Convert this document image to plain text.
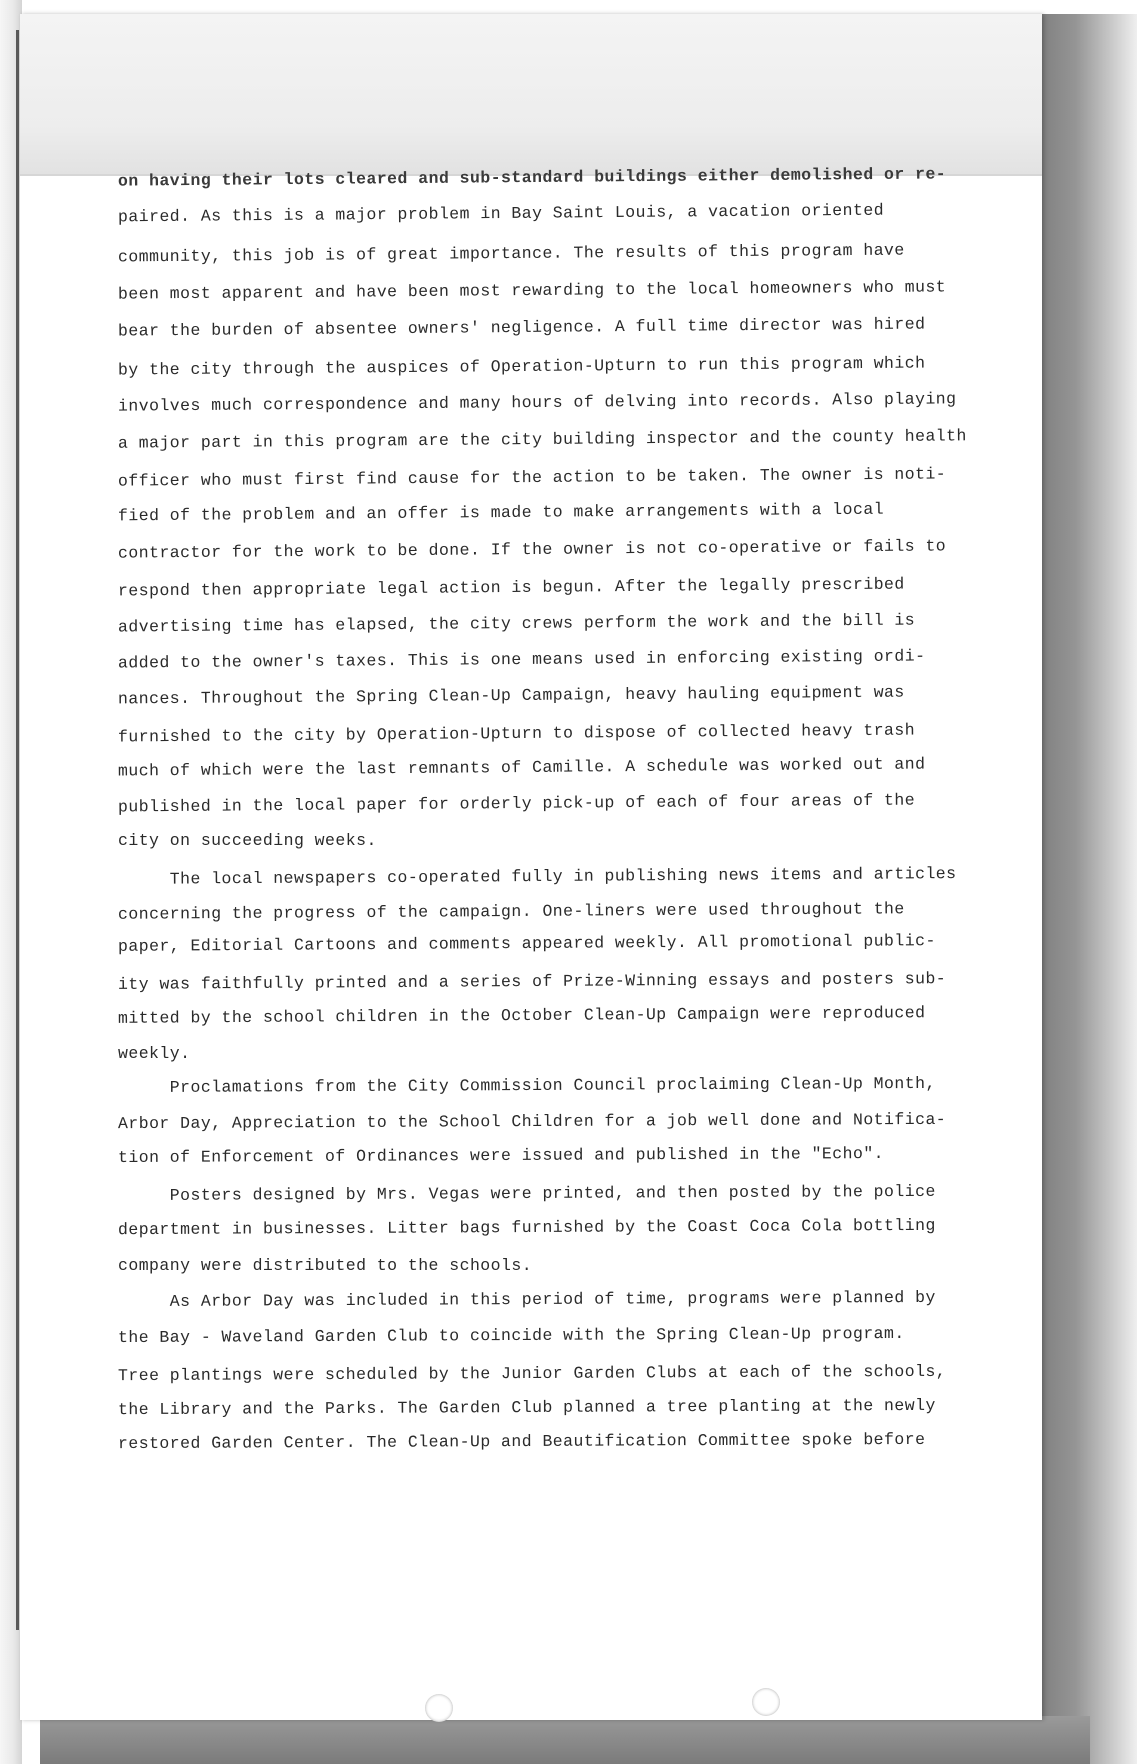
on having their lots cleared and sub-standard buildings either demolished or re-
paired. As this is a major problem in Bay Saint Louis, a vacation oriented
community, this job is of great importance. The results of this program have
been most apparent and have been most rewarding to the local homeowners who must
bear the burden of absentee owners' negligence. A full time director was hired
by the city through the auspices of Operation-Upturn to run this program which
involves much correspondence and many hours of delving into records. Also playing
a major part in this program are the city building inspector and the county health
officer who must first find cause for the action to be taken. The owner is noti-
fied of the problem and an offer is made to make arrangements with a local
contractor for the work to be done. If the owner is not co-operative or fails to
respond then appropriate legal action is begun. After the legally prescribed
advertising time has elapsed, the city crews perform the work and the bill is
added to the owner's taxes. This is one means used in enforcing existing ordi-
nances. Throughout the Spring Clean-Up Campaign, heavy hauling equipment was
furnished to the city by Operation-Upturn to dispose of collected heavy trash
much of which were the last remnants of Camille. A schedule was worked out and
published in the local paper for orderly pick-up of each of four areas of the
city on succeeding weeks.
The local newspapers co-operated fully in publishing news items and articles
concerning the progress of the campaign. One-liners were used throughout the
paper, Editorial Cartoons and comments appeared weekly. All promotional public-
ity was faithfully printed and a series of Prize-Winning essays and posters sub-
mitted by the school children in the October Clean-Up Campaign were reproduced
weekly.
Proclamations from the City Commission Council proclaiming Clean-Up Month,
Arbor Day, Appreciation to the School Children for a job well done and Notifica-
tion of Enforcement of Ordinances were issued and published in the "Echo".
Posters designed by Mrs. Vegas were printed, and then posted by the police
department in businesses. Litter bags furnished by the Coast Coca Cola bottling
company were distributed to the schools.
As Arbor Day was included in this period of time, programs were planned by
the Bay - Waveland Garden Club to coincide with the Spring Clean-Up program.
Tree plantings were scheduled by the Junior Garden Clubs at each of the schools,
the Library and the Parks. The Garden Club planned a tree planting at the newly
restored Garden Center. The Clean-Up and Beautification Committee spoke before
